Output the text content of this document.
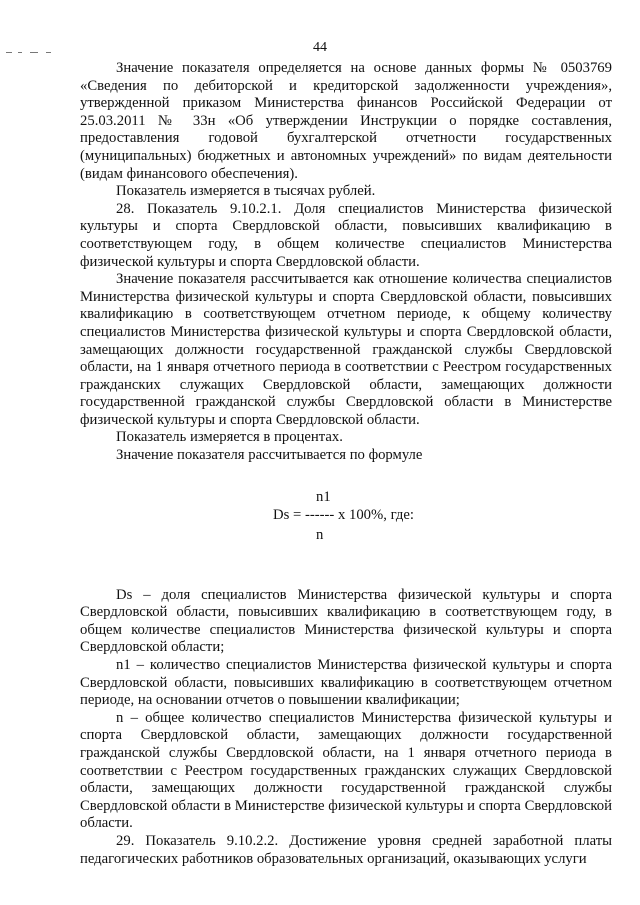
44

Значение показателя определяется на основе данных формы № 0503769 «Сведения по дебиторской и кредиторской задолженности учреждения», утвержденной приказом Министерства финансов Российской Федерации от 25.03.2011 № 33н «Об утверждении Инструкции о порядке составления, предоставления годовой бухгалтерской отчетности государственных (муниципальных) бюджетных и автономных учреждений» по видам деятельности (видам финансового обеспечения).

Показатель измеряется в тысячах рублей.

28. Показатель 9.10.2.1. Доля специалистов Министерства физической культуры и спорта Свердловской области, повысивших квалификацию в соответствующем году, в общем количестве специалистов Министерства физической культуры и спорта Свердловской области.

Значение показателя рассчитывается как отношение количества специалистов Министерства физической культуры и спорта Свердловской области, повысивших квалификацию в соответствующем отчетном периоде, к общему количеству специалистов Министерства физической культуры и спорта Свердловской области, замещающих должности государственной гражданской службы Свердловской области, на 1 января отчетного периода в соответствии с Реестром государственных гражданских служащих Свердловской области, замещающих должности государственной гражданской службы Свердловской области в Министерстве физической культуры и спорта Свердловской области.

Показатель измеряется в процентах.

Значение показателя рассчитывается по формуле

n1
Ds = ------ x 100%, где:
n

Ds – доля специалистов Министерства физической культуры и спорта Свердловской области, повысивших квалификацию в соответствующем году, в общем количестве специалистов Министерства физической культуры и спорта Свердловской области;

n1 – количество специалистов Министерства физической культуры и спорта Свердловской области, повысивших квалификацию в соответствующем отчетном периоде, на основании отчетов о повышении квалификации;

n – общее количество специалистов Министерства физической культуры и спорта Свердловской области, замещающих должности государственной гражданской службы Свердловской области, на 1 января отчетного периода в соответствии с Реестром государственных гражданских служащих Свердловской области, замещающих должности государственной гражданской службы Свердловской области в Министерстве физической культуры и спорта Свердловской области.

29. Показатель 9.10.2.2. Достижение уровня средней заработной платы педагогических работников образовательных организаций, оказывающих услуги
